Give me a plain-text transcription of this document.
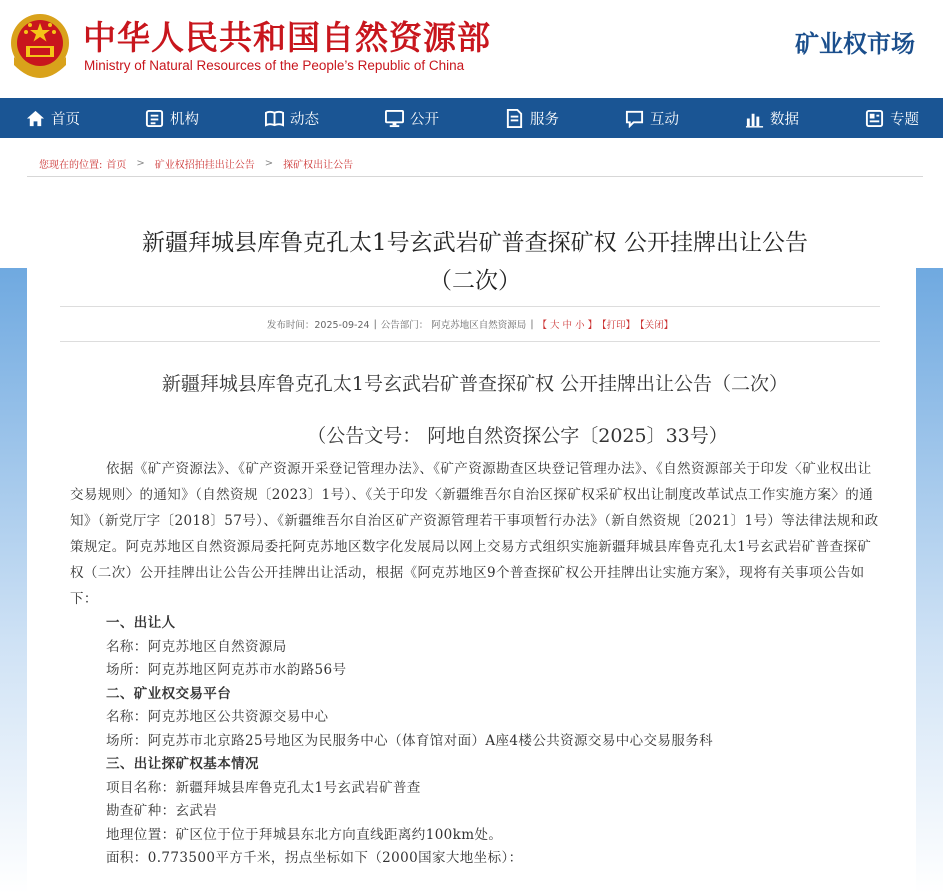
中华人民共和国自然资源部
Ministry of Natural Resources of the People’s Republic of China
矿业权市场
首页	机构	动态	公开	服务	互动	数据	专题
您现在的位置: 首页 > 矿业权招拍挂出让公告 > 探矿权出让公告
新疆拜城县库鲁克孔太1号玄武岩矿普查探矿权 公开挂牌出让公告
（二次）
发布时间：2025-09-24 | 公告部门： 阿克苏地区自然资源局 | 【 大 中 小 】 【打印】 【关闭】
新疆拜城县库鲁克孔太1号玄武岩矿普查探矿权 公开挂牌出让公告（二次）
（公告文号： 阿地自然资探公字〔2025〕33号）
依据《矿产资源法》、《矿产资源开采登记管理办法》、《矿产资源勘查区块登记管理办法》、《自然资源部关于印发〈矿业权出让交易规则〉的通知》（自然资规〔2023〕1号）、《关于印发〈新疆维吾尔自治区探矿权采矿权出让制度改革试点工作实施方案〉的通知》（新党厅字〔2018〕57号）、《新疆维吾尔自治区矿产资源管理若干事项暂行办法》（新自然资规〔2021〕1号）等法律法规和政策规定。阿克苏地区自然资源局委托阿克苏地区数字化发展局以网上交易方式组织实施新疆拜城县库鲁克孔太1号玄武岩矿普查探矿权（二次）公开挂牌出让公告公开挂牌出让活动，根据《阿克苏地区9个普查探矿权公开挂牌出让实施方案》，现将有关事项公告如下：
一、出让人
名称：阿克苏地区自然资源局
场所：阿克苏地区阿克苏市水韵路56号
二、矿业权交易平台
名称：阿克苏地区公共资源交易中心
场所：阿克苏市北京路25号地区为民服务中心（体育馆对面）A座4楼公共资源交易中心交易服务科
三、出让探矿权基本情况
项目名称：新疆拜城县库鲁克孔太1号玄武岩矿普查
勘查矿种：玄武岩
地理位置：矿区位于位于拜城县东北方向直线距离约100km处。
面积：0.773500平方千米，拐点坐标如下（2000国家大地坐标）：
